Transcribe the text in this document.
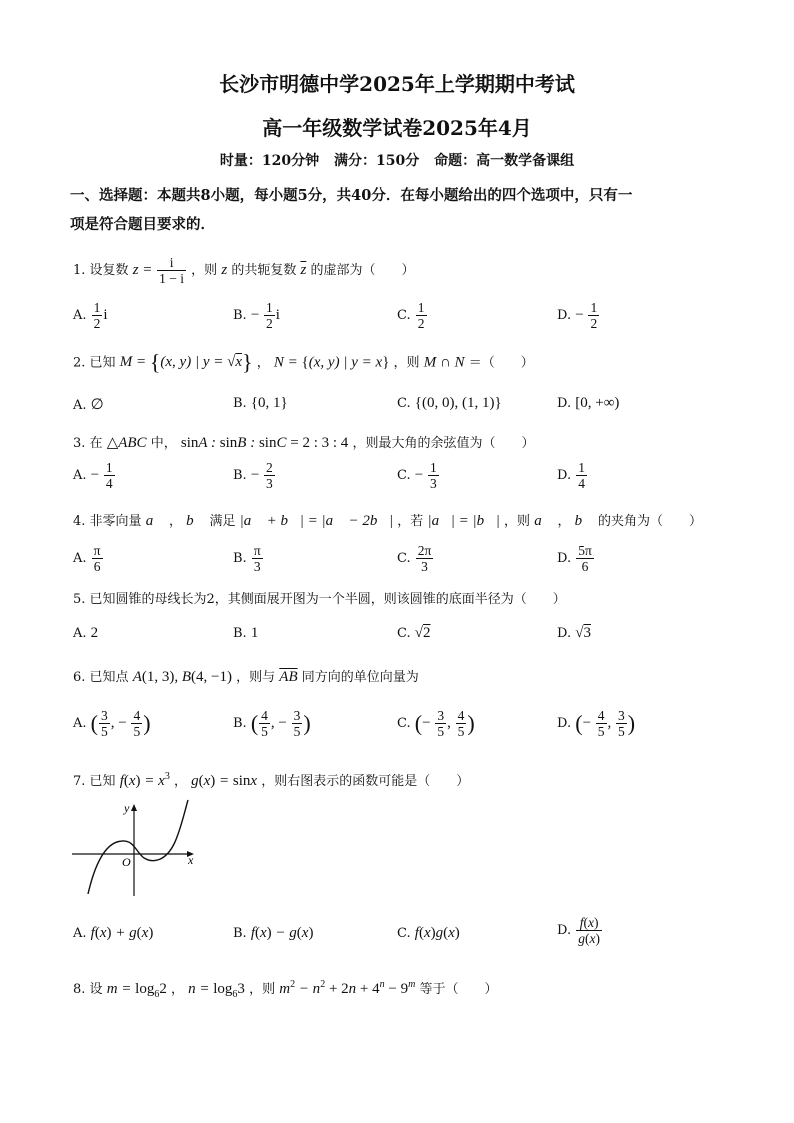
长沙市明德中学2025年上学期期中考试
高一年级数学试卷2025年4月
时量：120分钟 满分：150分 命题：高一数学备课组
一、选择题：本题共8小题，每小题5分，共40分．在每小题给出的四个选项中，只有一
项是符合题目要求的．
1. 设复数 $z = \frac{i}{1 - i}$ ，则 z 的共轭复数 $\overline{z}$ 的虚部为（　　）
A. $\frac{1}{2}$ i	B. − $\frac{1}{2}$ i	C. $\frac{1}{2}$	D. − $\frac{1}{2}$
2. 已知 M = {(x, y) | y = √x} ， N = {(x, y) | y = x} ，则 M ∩ N ＝（　　）
A. ∅	B. {0, 1}	C. {(0, 0), (1, 1)}	D. [0, +∞)
3. 在 △ABC 中， sinA : sinB : sinC = 2 : 3 : 4 ，则最大角的余弦值为（　　）
A. − $\frac{1}{4}$	B. − $\frac{2}{3}$	C. − $\frac{1}{3}$	D. $\frac{1}{4}$
4. 非零向量 a⃗ ， b⃗ 满足 |a⃗ + b⃗| = |a⃗ − 2b⃗| ，若 |a⃗| = |b⃗| ，则 a⃗ ， b⃗ 的夹角为（　　）
A. $\frac{\pi}{6}$	B. $\frac{\pi}{3}$	C. $\frac{2\pi}{3}$	D. $\frac{5\pi}{6}$
5. 已知圆锥的母线长为2，其侧面展开图为一个半圆，则该圆锥的底面半径为（　　）
A. 2	B. 1	C. √2	D. √3
6. 已知点 A(1, 3), B(4, −1) ，则与 $\overline{AB}$ 同方向的单位向量为
A. ( $\frac{3}{5}$ , − $\frac{4}{5}$ )	B. ( $\frac{4}{5}$ , − $\frac{3}{5}$ )	C. (− $\frac{3}{5}$ , $\frac{4}{5}$ )	D. (− $\frac{4}{5}$ , $\frac{3}{5}$ )
7. 已知 $f(x) = x^3$ ， g(x) = sinx ，则右图表示的函数可能是（　　）
y
x
O
A. f(x) + g(x)	B. f(x) − g(x)	C. f(x)g(x)	D. $\frac{f(x)}{g(x)}$
8. 设 $m = \log_62$ ， $n = \log_63$ ，则 $m^2 - n^2 + 2n + 4^n - 9^m$ 等于（　　）
